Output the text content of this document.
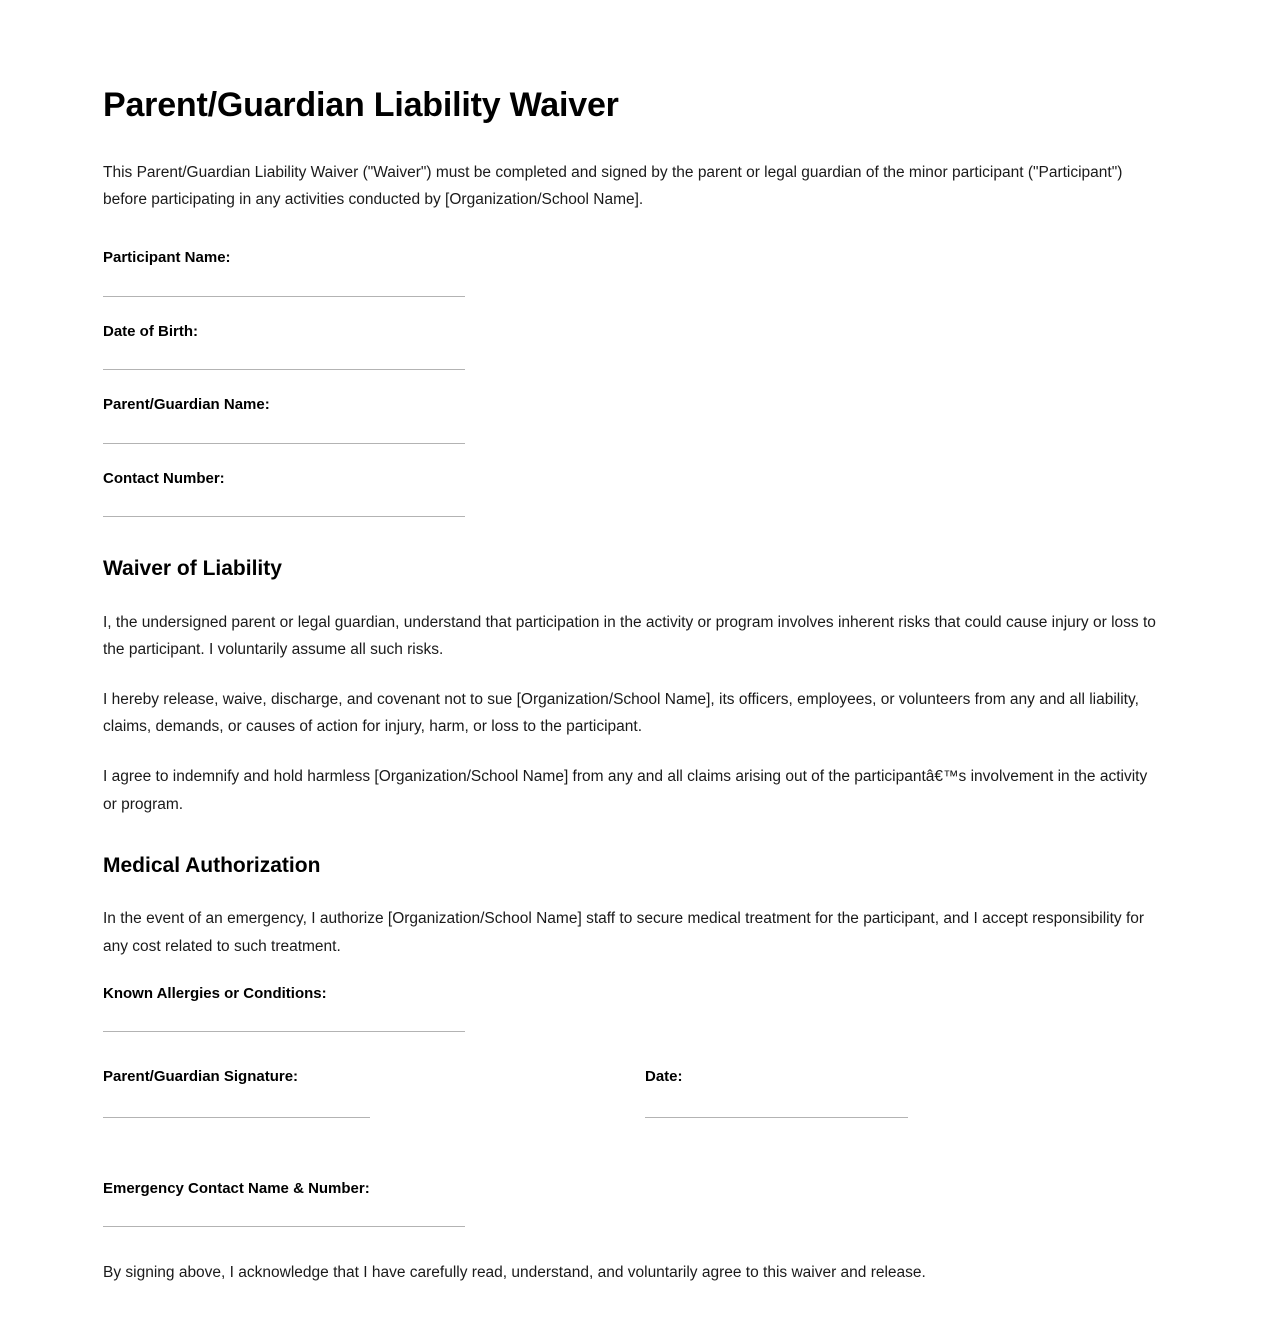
Parent/Guardian Liability Waiver

This Parent/Guardian Liability Waiver ("Waiver") must be completed and signed by the parent or legal guardian of the minor participant ("Participant") before participating in any activities conducted by [Organization/School Name].

Participant Name:
Date of Birth:
Parent/Guardian Name:
Contact Number:
Waiver of Liability

I, the undersigned parent or legal guardian, understand that participation in the activity or program involves inherent risks that could cause injury or loss to the participant. I voluntarily assume all such risks.

I hereby release, waive, discharge, and covenant not to sue [Organization/School Name], its officers, employees, or volunteers from any and all liability, claims, demands, or causes of action for injury, harm, or loss to the participant.

I agree to indemnify and hold harmless [Organization/School Name] from any and all claims arising out of the participantâ€™s involvement in the activity or program.

Medical Authorization

In the event of an emergency, I authorize [Organization/School Name] staff to secure medical treatment for the participant, and I accept responsibility for any cost related to such treatment.

Known Allergies or Conditions:
Parent/Guardian Signature:	Date:
Emergency Contact Name & Number:

By signing above, I acknowledge that I have carefully read, understand, and voluntarily agree to this waiver and release.
